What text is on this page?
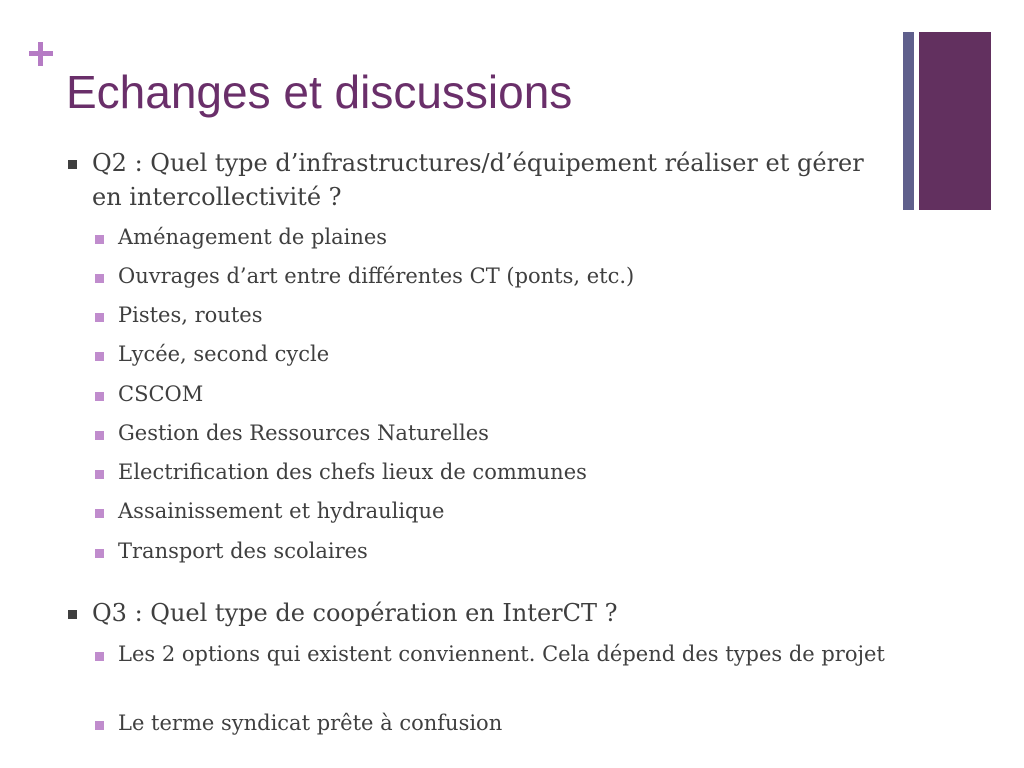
Echanges et discussions
Q2 : Quel type d’infrastructures/d’équipement réaliser et gérer en intercollectivité ?
Aménagement de plaines
Ouvrages d’art entre différentes CT (ponts, etc.)
Pistes, routes
Lycée, second cycle
CSCOM
Gestion des Ressources Naturelles
Electrification des chefs lieux de communes
Assainissement et hydraulique
Transport des scolaires
Q3 : Quel type de coopération en InterCT ?
Les 2 options qui existent conviennent. Cela dépend des types de projet
Le terme syndicat prête à confusion
